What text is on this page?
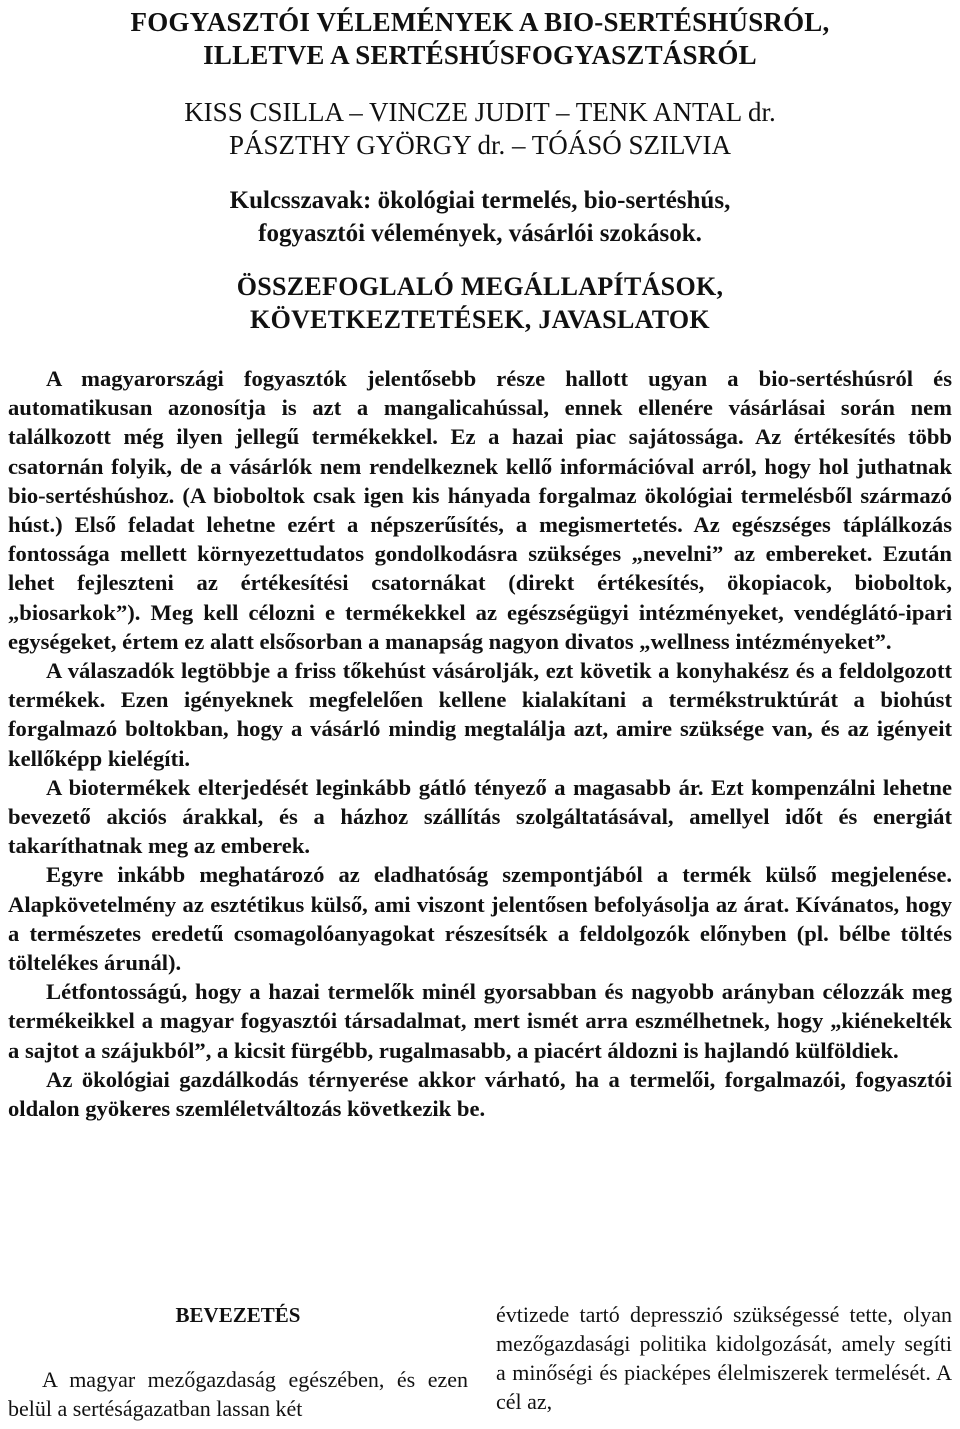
FOGYASZTÓI VÉLEMÉNYEK A BIO-SERTÉSHÚSRÓL,
ILLETVE A SERTÉSHÚSFOGYASZTÁSRÓL
KISS CSILLA – VINCZE JUDIT – TENK ANTAL dr.
PÁSZTHY GYÖRGY dr. – TÓÁSÓ SZILVIA
Kulcsszavak: ökológiai termelés, bio-sertéshús,
fogyasztói vélemények, vásárlói szokások.
ÖSSZEFOGLALÓ MEGÁLLAPÍTÁSOK,
KÖVETKEZTETÉSEK, JAVASLATOK

A magyarországi fogyasztók jelentősebb része hallott ugyan a bio-sertéshúsról és automatikusan azonosítja is azt a mangalicahússal, ennek ellenére vásárlásai során nem találkozott még ilyen jellegű termékekkel. Ez a hazai piac sajátossága. Az értékesítés több csatornán folyik, de a vásárlók nem rendelkeznek kellő információval arról, hogy hol juthatnak bio-sertéshúshoz. (A bioboltok csak igen kis hányada forgalmaz ökológiai termelésből származó húst.) Első feladat lehetne ezért a népszerűsítés, a megismertetés. Az egészséges táplálkozás fontossága mellett környezettudatos gondolkodásra szükséges „nevelni” az embereket. Ezután lehet fejleszteni az értékesítési csatornákat (direkt értékesítés, ökopiacok, bioboltok, „biosarkok”). Meg kell célozni e termékekkel az egészségügyi intézményeket, vendéglátó-ipari egységeket, értem ez alatt elsősorban a manapság nagyon divatos „wellness intézményeket”.

A válaszadók legtöbbje a friss tőkehúst vásárolják, ezt követik a konyhakész és a feldolgozott termékek. Ezen igényeknek megfelelően kellene kialakítani a termékstruktúrát a biohúst forgalmazó boltokban, hogy a vásárló mindig megtalálja azt, amire szüksége van, és az igényeit kellőképp kielégíti.

A biotermékek elterjedését leginkább gátló tényező a magasabb ár. Ezt kompenzálni lehetne bevezető akciós árakkal, és a házhoz szállítás szolgáltatásával, amellyel időt és energiát takaríthatnak meg az emberek.

Egyre inkább meghatározó az eladhatóság szempontjából a termék külső megjelenése. Alapkövetelmény az esztétikus külső, ami viszont jelentősen befolyásolja az árat. Kívánatos, hogy a természetes eredetű csomagolóanyagokat részesítsék a feldolgozók előnyben (pl. bélbe töltés töltelékes árunál).

Létfontosságú, hogy a hazai termelők minél gyorsabban és nagyobb arányban célozzák meg termékeikkel a magyar fogyasztói társadalmat, mert ismét arra eszmélhetnek, hogy „kiénekelték a sajtot a szájukból”, a kicsit fürgébb, rugalmasabb, a piacért áldozni is hajlandó külföldiek.

Az ökológiai gazdálkodás térnyerése akkor várható, ha a termelői, forgalmazói, fogyasztói oldalon gyökeres szemléletváltozás következik be.

BEVEZETÉS

A magyar mezőgazdaság egészében, és ezen belül a sertéságazatban lassan két

évtizede tartó depresszió szükségessé tette, olyan mezőgazdasági politika kidolgozását, amely segíti a minőségi és piacképes élelmiszerek termelését. A cél az,
